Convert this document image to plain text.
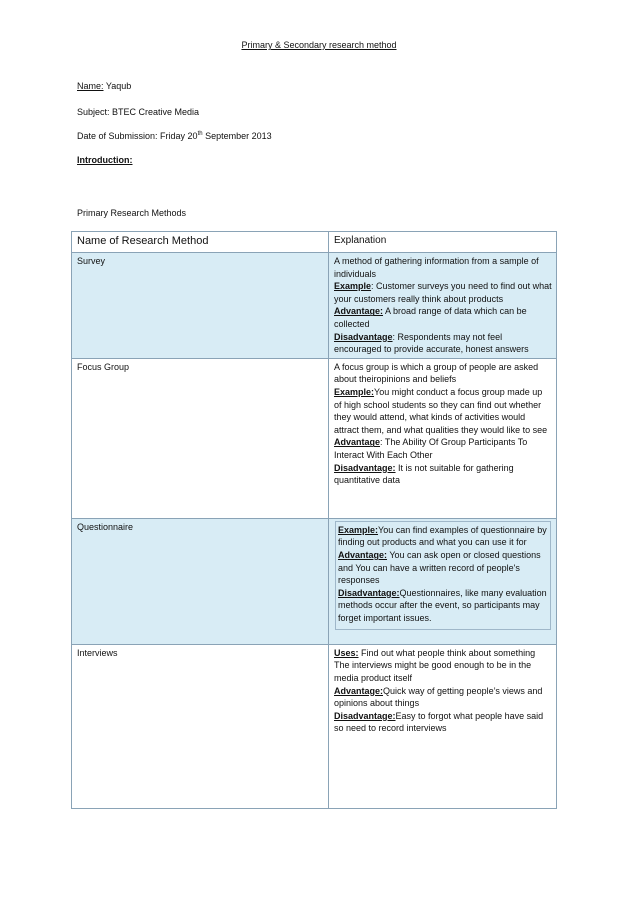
Primary & Secondary research method
Name: Yaqub
Subject: BTEC Creative Media
Date of Submission: Friday 20th September 2013
Introduction:
Primary Research Methods
Name of Research Method	Explanation
Survey	A method of gathering information from a sample of individuals
Example: Customer surveys you need to find out what your customers really think about products
Advantage: A broad range of data which can be collected
Disadvantage: Respondents may not feel encouraged to provide accurate, honest answers

Focus Group	A focus group is which a group of people are asked about theiropinions and beliefs
Example:You might conduct a focus group made up of high school students so they can find out whether they would attend, what kinds of activities would attract them, and what qualities they would like to see
Advantage: The Ability Of Group Participants To Interact With Each Other
Disadvantage: It is not suitable for gathering quantitative data

Questionnaire	Example:You can find examples of questionnaire by finding out products and what you can use it for
Advantage: You can ask open or closed questions and You can have a written record of people's responses
Disadvantage:Questionnaires, like many evaluation methods occur after the event, so participants may forget important issues.

Interviews	Uses: Find out what people think about something
The interviews might be good enough to be in the media product itself
Advantage:Quick way of getting people’s views and opinions about things
Disadvantage:Easy to forgot what people have said so need to record interviews
